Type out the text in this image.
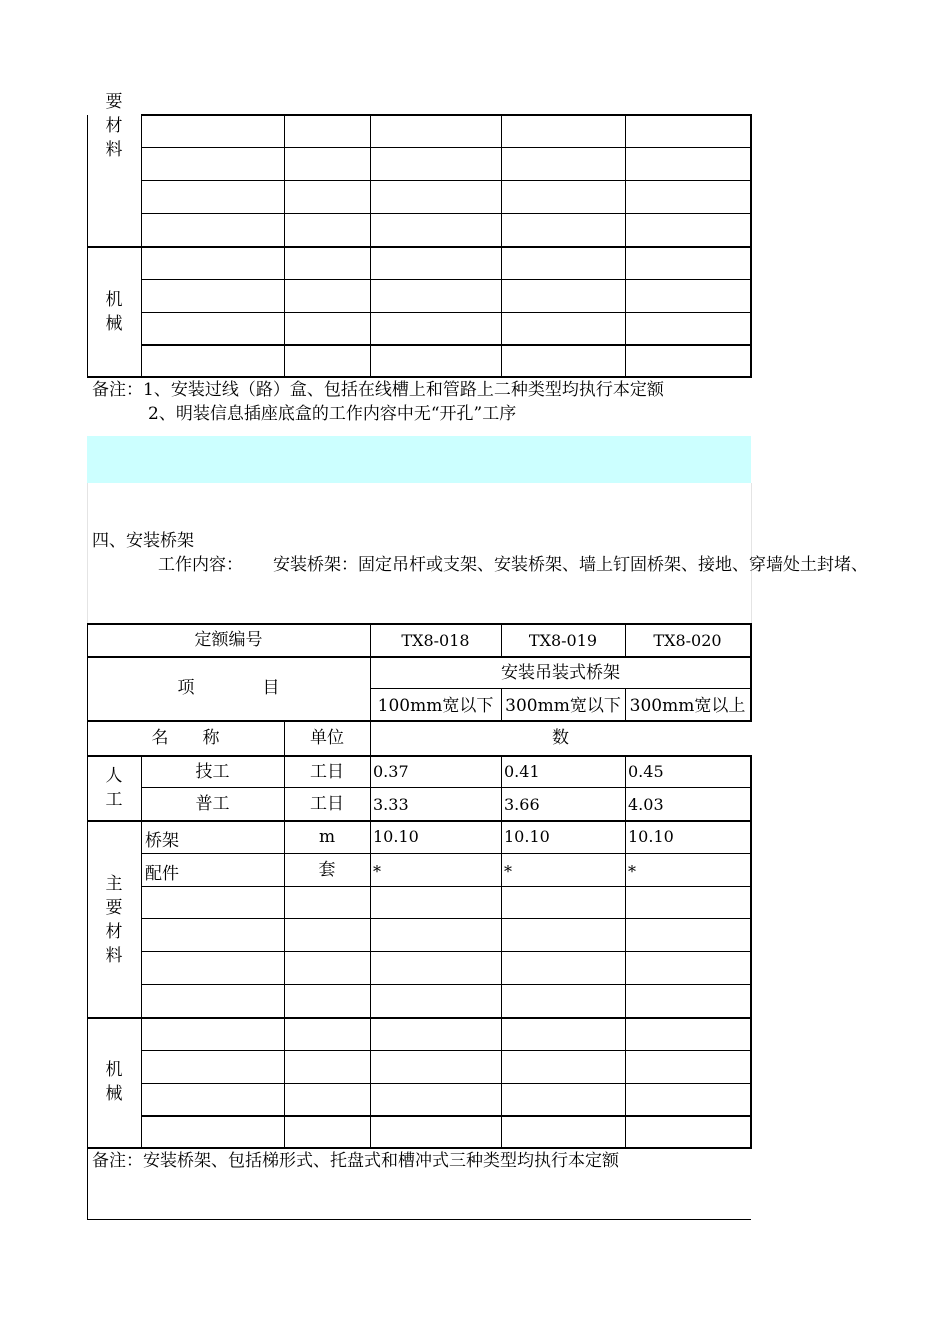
要
材
料
机
械
备注：1、安装过线（路）盒、包括在线槽上和管路上二种类型均执行本定额
2、明装信息插座底盒的工作内容中无“开孔”工序
四、安装桥架
工作内容： 安装桥架：固定吊杆或支架、安装桥架、墙上钉固桥架、接地、穿墙处土封堵、
定额编号	TX8-018	TX8-019	TX8-020
项　　　　目
安装吊装式桥架
100mm宽以下 300mm宽以下 300mm宽以上
名　　称	单位	数
人
工
技工	工日	0.37	0.41	0.45
普工	工日	3.33	3.66	4.03
主
要
材
料
桥架	m	10.10	10.10	10.10
配件	套	*	*	*
机
械
备注：安装桥架、包括梯形式、托盘式和槽冲式三种类型均执行本定额
